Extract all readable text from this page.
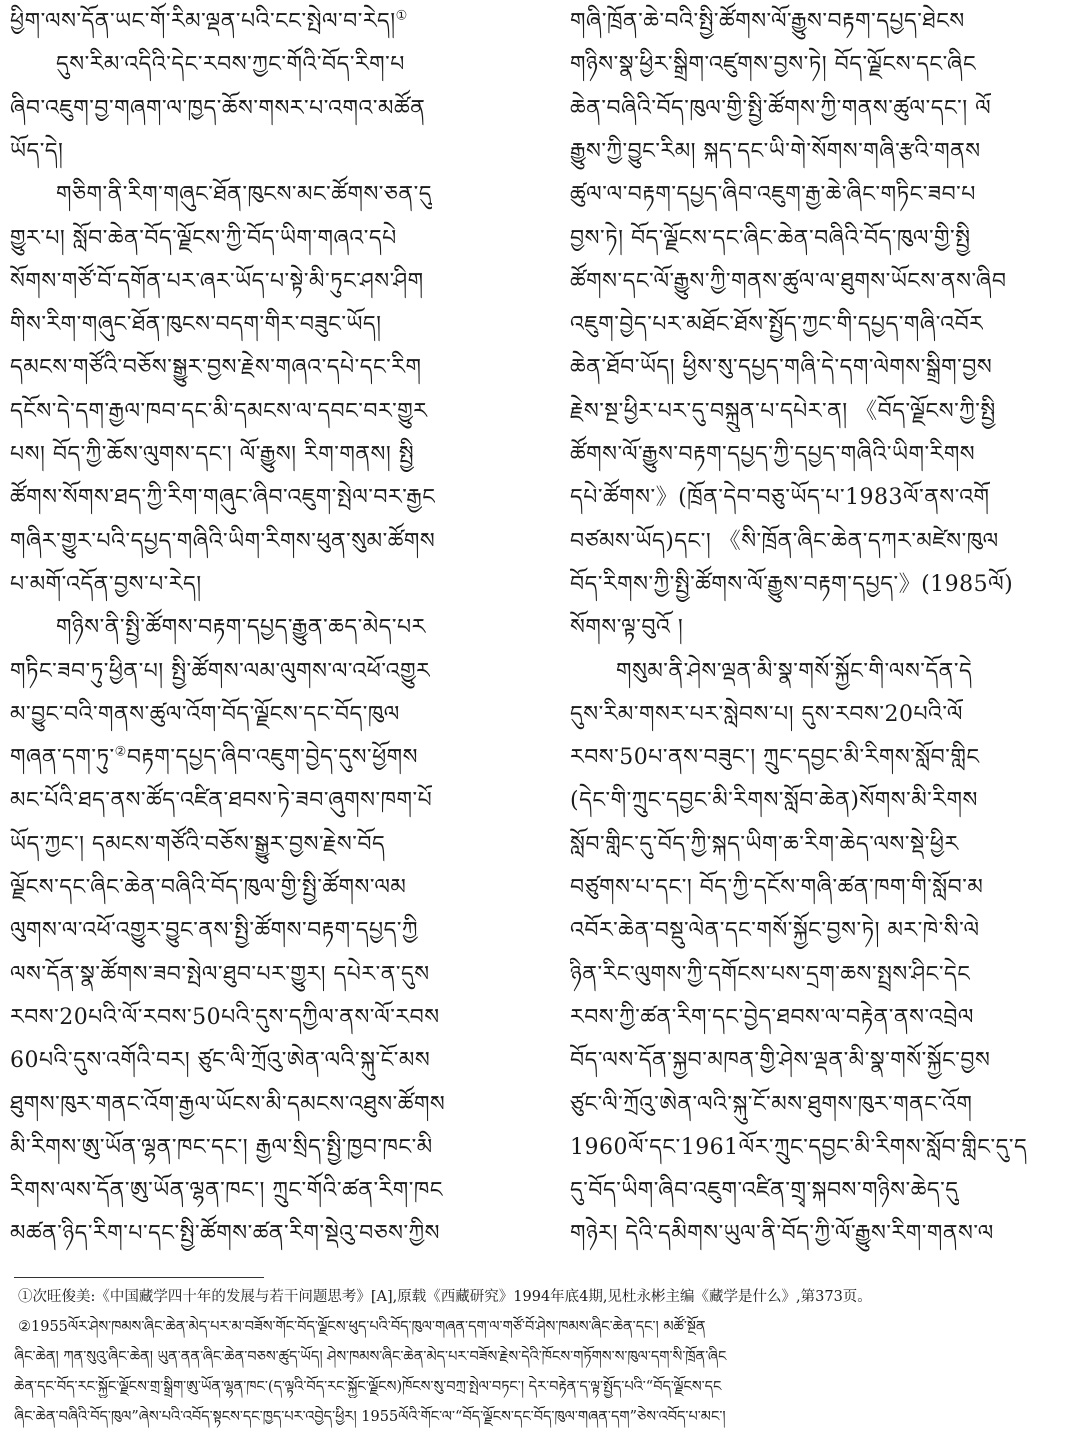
ཕྱིག་ལས་དོན་ཡང་གོ་རིམ་ལྡན་པའི་ངང་སྤེལ་བ་རེད།①
དུས་རིམ་འདིའི་དེང་རབས་ཀྱང་གོའི་བོད་རིག་པ
ཞིབ་འཇུག་བྱ་གཞག་ལ་ཁྱད་ཆོས་གསར་པ་འགའ་མཚོན
ཡོད་དེ།
གཅིག་ནི་རིག་གཞུང་ཐོན་ཁུངས་མང་ཚོགས་ཅན་དུ
གྱུར་པ། སློབ་ཆེན་བོད་ལྗོངས་ཀྱི་བོད་ཡིག་གཞའ་དཔེ
སོགས་གཙོ་བོ་དགོན་པར་ཞར་ཡོད་པ་སྟེ་མི་ཏུང་ཤས་ཤིག
གིས་རིག་གཞུང་ཐོན་ཁུངས་བདག་གིར་བཟུང་ཡོད།
དམངས་གཙོའི་བཅོས་སྒྱུར་བྱས་རྗེས་གཞའ་དཔེ་དང་རིག
དངོས་དེ་དག་རྒྱལ་ཁབ་དང་མི་དམངས་ལ་དབང་བར་གྱུར
པས། བོད་ཀྱི་ཆོས་ལུགས་དང་། ལོ་རྒྱུས། རིག་གནས། སྤྱི
ཚོགས་སོགས་ཐད་ཀྱི་རིག་གཞུང་ཞིབ་འཇུག་སྤེལ་བར་རྒྱང
གཞིར་གྱུར་པའི་དཔྱད་གཞིའི་ཡིག་རིགས་ཕུན་སུམ་ཚོགས
པ་མགོ་འདོན་བྱས་པ་རེད།
གཉིས་ནི་སྤྱི་ཚོགས་བརྟག་དཔྱད་རྒྱུན་ཆད་མེད་པར
གཏིང་ཟབ་ཏུ་ཕྱིན་པ། སྤྱི་ཚོགས་ལམ་ལུགས་ལ་འཕོ་འགྱུར
མ་བྱུང་བའི་གནས་ཚུལ་འོག་བོད་ལྗོངས་དང་བོད་ཁུལ
གཞན་དག་ཏུ་②བརྟག་དཔྱད་ཞིབ་འཇུག་བྱེད་དུས་ཕྱོགས
མང་པོའི་ཐད་ནས་ཚོད་འཛིན་ཐབས་ཏེ་ཟབ་ཞུགས་ཁག་པོ
ཡོད་ཀྱང་། དམངས་གཙོའི་བཅོས་སྒྱུར་བྱས་རྗེས་བོད
ལྗོངས་དང་ཞིང་ཆེན་བཞིའི་བོད་ཁུལ་གྱི་སྤྱི་ཚོགས་ལམ
ལུགས་ལ་འཕོ་འགྱུར་བྱུང་ནས་སྤྱི་ཚོགས་བརྟག་དཔྱད་ཀྱི
ལས་དོན་སྣ་ཚོགས་ཟབ་སྤེལ་ཐུབ་པར་གྱུར། དཔེར་ན་དུས
རབས་20པའི་ལོ་རབས་50པའི་དུས་དཀྱིལ་ནས་ལོ་རབས
60པའི་དུས་འགོའི་བར། ཙུང་ལི་ཀྲོའུ་ཨེན་ལའི་སྐུ་ངོ་མས
ཐུགས་ཁུར་གནང་འོག་རྒྱལ་ཡོངས་མི་དམངས་འཐུས་ཚོགས
མི་རིགས་ཨུ་ཡོན་ལྷན་ཁང་དང་། རྒྱལ་སྲིད་སྤྱི་ཁྱབ་ཁང་མི
རིགས་ལས་དོན་ཨུ་ཡོན་ལྷན་ཁང་། ཀྲུང་གོའི་ཚན་རིག་ཁང
མཚན་ཉིད་རིག་པ་དང་སྤྱི་ཚོགས་ཚན་རིག་སྡེའུ་བཅས་ཀྱིས
གཞི་ཁྲོན་ཆེ་བའི་སྤྱི་ཚོགས་ལོ་རྒྱུས་བརྟག་དཔྱད་ཐེངས
གཉིས་སྣ་ཕྱིར་སྒྲིག་འཛུགས་བྱས་ཏེ། བོད་ལྗོངས་དང་ཞིང
ཆེན་བཞིའི་བོད་ཁུལ་གྱི་སྤྱི་ཚོགས་ཀྱི་གནས་ཚུལ་དང་། ལོ
རྒྱུས་ཀྱི་བྱུང་རིམ། སྐད་དང་ཡི་གེ་སོགས་གཞི་རྩའི་གནས
ཚུལ་ལ་བརྟག་དཔྱད་ཞིབ་འཇུག་རྒྱ་ཆེ་ཞིང་གཏིང་ཟབ་པ
བྱས་ཏེ། བོད་ལྗོངས་དང་ཞིང་ཆེན་བཞིའི་བོད་ཁུལ་གྱི་སྤྱི
ཚོགས་དང་ལོ་རྒྱུས་ཀྱི་གནས་ཚུལ་ལ་ཐུགས་ཡོངས་ནས་ཞིབ
འཇུག་བྱེད་པར་མཐོང་ཐོས་སྤྱོད་ཀྱང་གི་དཔྱད་གཞི་འབོར
ཆེན་ཐོབ་ཡོད། ཕྱིས་སུ་དཔྱད་གཞི་དེ་དག་ལེགས་སྒྲིག་བྱས
རྗེས་སྔ་ཕྱིར་པར་དུ་བསྐྲུན་པ་དཔེར་ན། 《བོད་ལྗོངས་ཀྱི་སྤྱི
ཚོགས་ལོ་རྒྱུས་བརྟག་དཔྱད་ཀྱི་དཔྱད་གཞིའི་ཡིག་རིགས
དཔེ་ཚོགས་》(ཁྲོན་དེབ་བཅུ་ཡོད་པ་1983ལོ་ནས་འགོ
བཙམས་ཡོད)དང་། 《སི་ཁྲོན་ཞིང་ཆེན་དཀར་མཛེས་ཁུལ
བོད་རིགས་ཀྱི་སྤྱི་ཚོགས་ལོ་རྒྱུས་བརྟག་དཔྱད་》(1985ལོ)
སོགས་ལྟ་བུའོ །
གསུམ་ནི་ཤེས་ལྡན་མི་སྣ་གསོ་སྐྱོང་གི་ལས་དོན་དེ
དུས་རིམ་གསར་པར་སླེབས་པ། དུས་རབས་20པའི་ལོ
རབས་50པ་ནས་བཟུང་། ཀྲུང་དབྱང་མི་རིགས་སློབ་གླིང
(དེང་གི་ཀྲུང་དབྱང་མི་རིགས་སློབ་ཆེན)སོགས་མི་རིགས
སློབ་གླིང་དུ་བོད་ཀྱི་སྐད་ཡིག་ཆ་རིག་ཆེད་ལས་སྡེ་ཕྱིར
བཙུགས་པ་དང་། བོད་ཀྱི་དངོས་གཞི་ཚན་ཁག་གི་སློབ་མ
འབོར་ཆེན་བསྡུ་ལེན་དང་གསོ་སྐྱོང་བྱས་ཏེ། མར་ཁེ་སི་ལེ
ཉིན་རིང་ལུགས་ཀྱི་དགོངས་པས་དྲག་ཆས་སྤྲས་ཤིང་དེང
རབས་ཀྱི་ཚན་རིག་དང་བྱེད་ཐབས་ལ་བརྟེན་ནས་འབྲེལ
བོད་ལས་དོན་སྐྱབ་མཁན་གྱི་ཤེས་ལྡན་མི་སྣ་གསོ་སྐྱོང་བྱས
ཙུང་ལི་ཀྲོའུ་ཨེན་ལའི་སྐུ་ངོ་མས་ཐུགས་ཁུར་གནང་འོག
1960ལོ་དང་1961ལོར་ཀྲུང་དབྱང་མི་རིགས་སློབ་གླིང་དུ་ད
དུ་བོད་ཡིག་ཞིབ་འཇུག་འཛིན་གྲྭ་སྐབས་གཉིས་ཆེད་དུ
གཉེར། དེའི་དམིགས་ཡུལ་ནི་བོད་ཀྱི་ལོ་རྒྱུས་རིག་གནས་ལ
①次旺俊美:《中国藏学四十年的发展与若干问题思考》[A],原载《西藏研究》1994年底4期,见杜永彬主编《藏学是什么》,第373页。
②1955ལོར་ཤེས་ཁམས་ཞིང་ཆེན་མེད་པར་མ་བཟོས་གོང་བོད་ལྗོངས་ཕུད་པའི་བོད་ཁུལ་གཞན་དག་ལ་གཙོ་བོ་ཤེས་ཁམས་ཞིང་ཆེན་དང་། མཚོ་སྔོན
ཞིང་ཆེན། ཀན་སུའུ་ཞིང་ཆེན། ཡུན་ནན་ཞིང་ཆེན་བཅས་ཚུད་ཡོད། ཤེས་ཁམས་ཞིང་ཆེན་མེད་པར་བཟོས་རྗེས་དེའི་ཁོངས་གཏོགས་ས་ཁུལ་དག་སི་ཁྲོན་ཞིང
ཆེན་དང་བོད་རང་སྐྱོང་ལྗོངས་གྲ་སྒྲིག་ཨུ་ཡོན་ལྷན་ཁང་(ད་ལྟའི་བོད་རང་སྐྱོང་ལྗོངས)ཁོངས་སུ་བཀྲ་སྤེལ་བཏང་། དེར་བརྟེན་ད་ལྟ་སྤྱོད་པའི་“བོད་ལྗོངས་དང
ཞིང་ཆེན་བཞིའི་བོད་ཁུལ”ཞེས་པའི་འབོད་སྟངས་དང་ཁྱད་པར་འབྱེད་ཕྱིར། 1955ལོའི་གོང་ལ་“བོད་ལྗོངས་དང་བོད་ཁུལ་གཞན་དག”ཅེས་འབོད་པ་མང་།
